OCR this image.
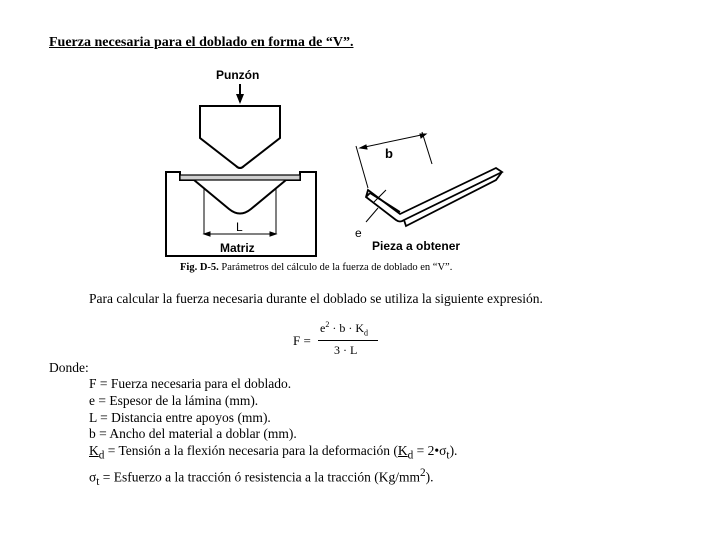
Fuerza necesaria para el doblado en forma de “V”.
Punzón
L
Matriz
b
e
Pieza a obtener
Fig. D-5. Parámetros del cálculo de la fuerza de doblado en “V”.
Para calcular la fuerza necesaria durante el doblado se utiliza la siguiente expresión.
F =
$e^2 \cdot b \cdot K_d$
3 · L
Donde:
F = Fuerza necesaria para el doblado.
e = Espesor de la lámina (mm).
L = Distancia entre apoyos (mm).
b = Ancho del material a doblar (mm).
$K_d$ = Tensión a la flexión necesaria para la deformación ($K_d$ = $2•\sigma_t$).
$\sigma_t$ = Esfuerzo a la tracción ó resistencia a la tracción $(Kg/mm^2)$.
